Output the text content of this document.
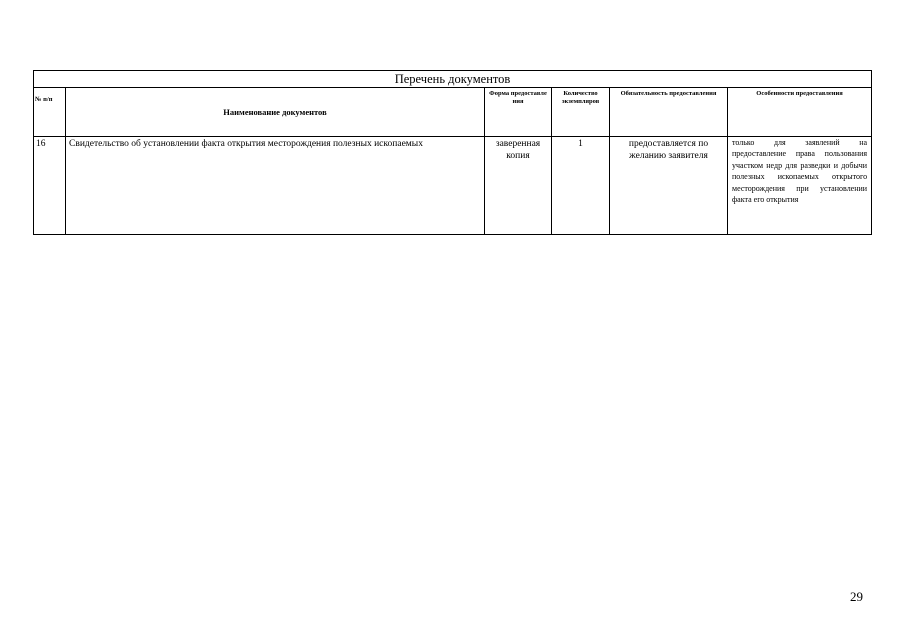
Перечень документов					
№ п/п	Наименование документов	Форма предоставле ния	Количество экземпляров	Обязательность предоставления	Особенности предоставления
16	Свидетельство об установлении факта открытия месторождения полезных ископаемых	заверенная копия	1	предоставляется по желанию заявителя	только для заявлений на предоставление права пользования участком недр для разведки и добычи полезных ископаемых открытого месторождения при установлении факта его открытия
29
